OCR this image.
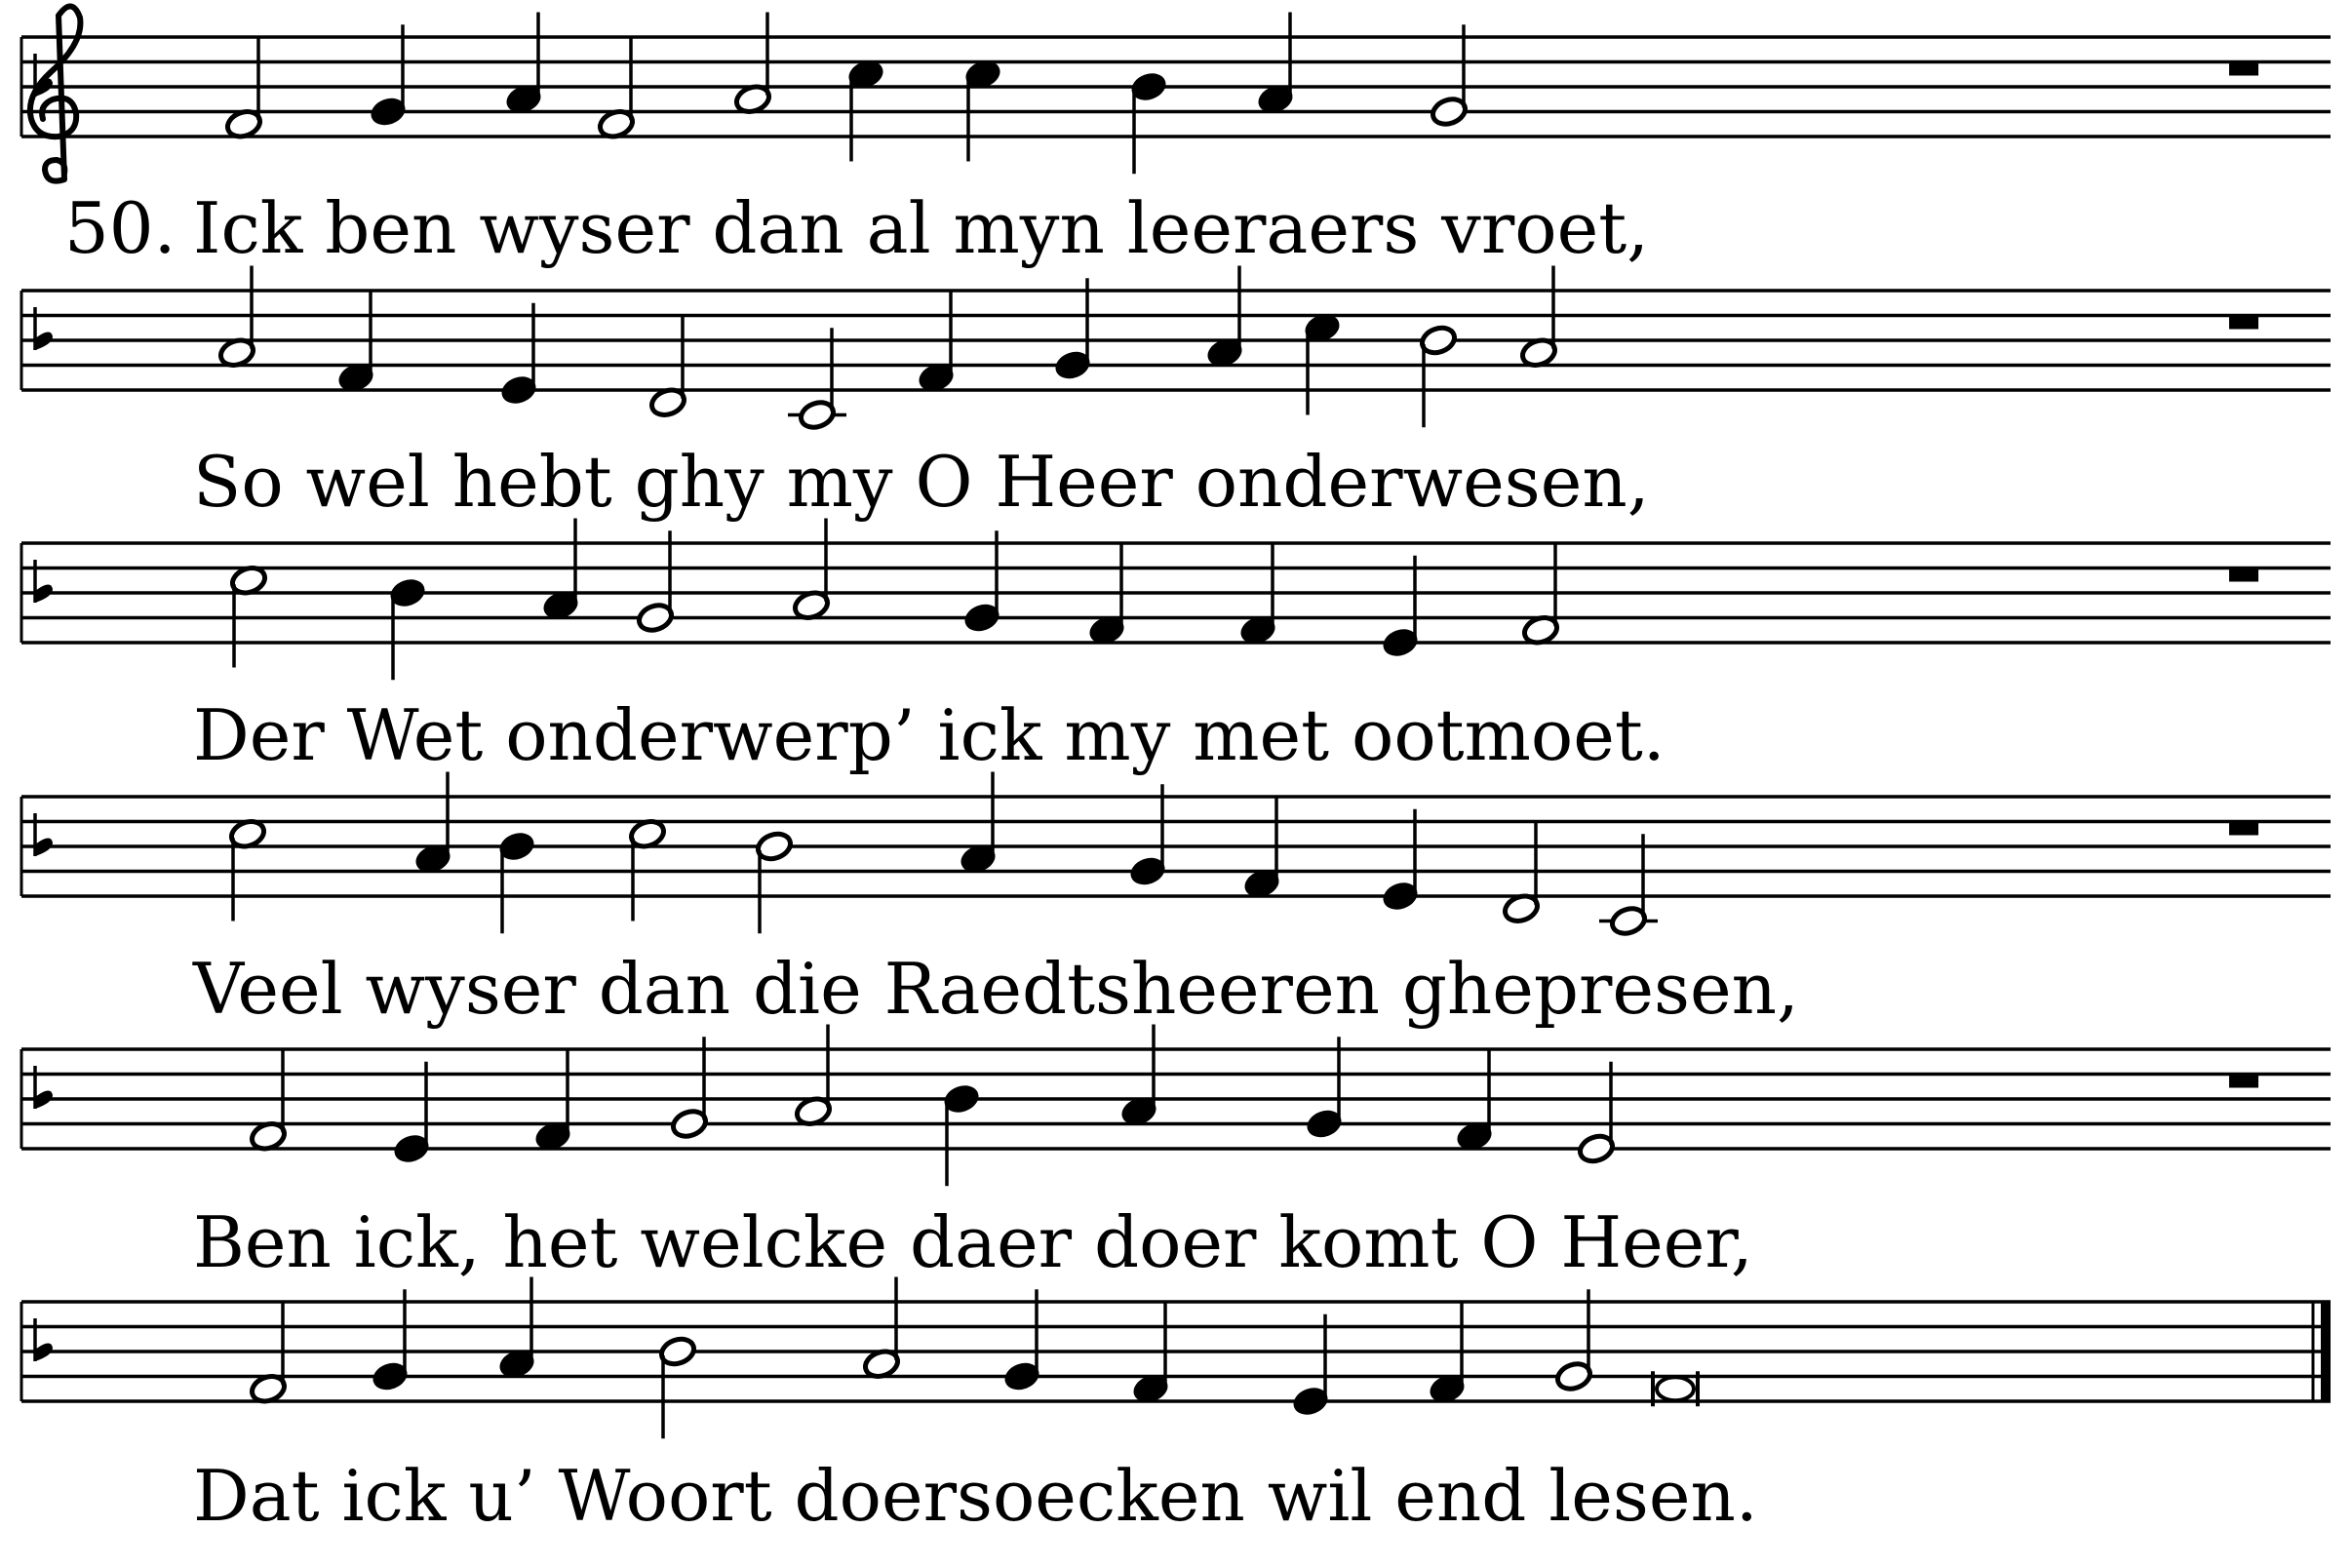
50. Ick ben wyser dan al myn leeraers vroet,
So wel hebt ghy my O Heer onderwesen,
Der Wet onderwerp’ ick my met ootmoet.
Veel wyser dan die Raedtsheeren ghepresen,
Ben ick, het welcke daer doer komt O Heer,
Dat ick u’ Woort doersoecken wil end lesen.
